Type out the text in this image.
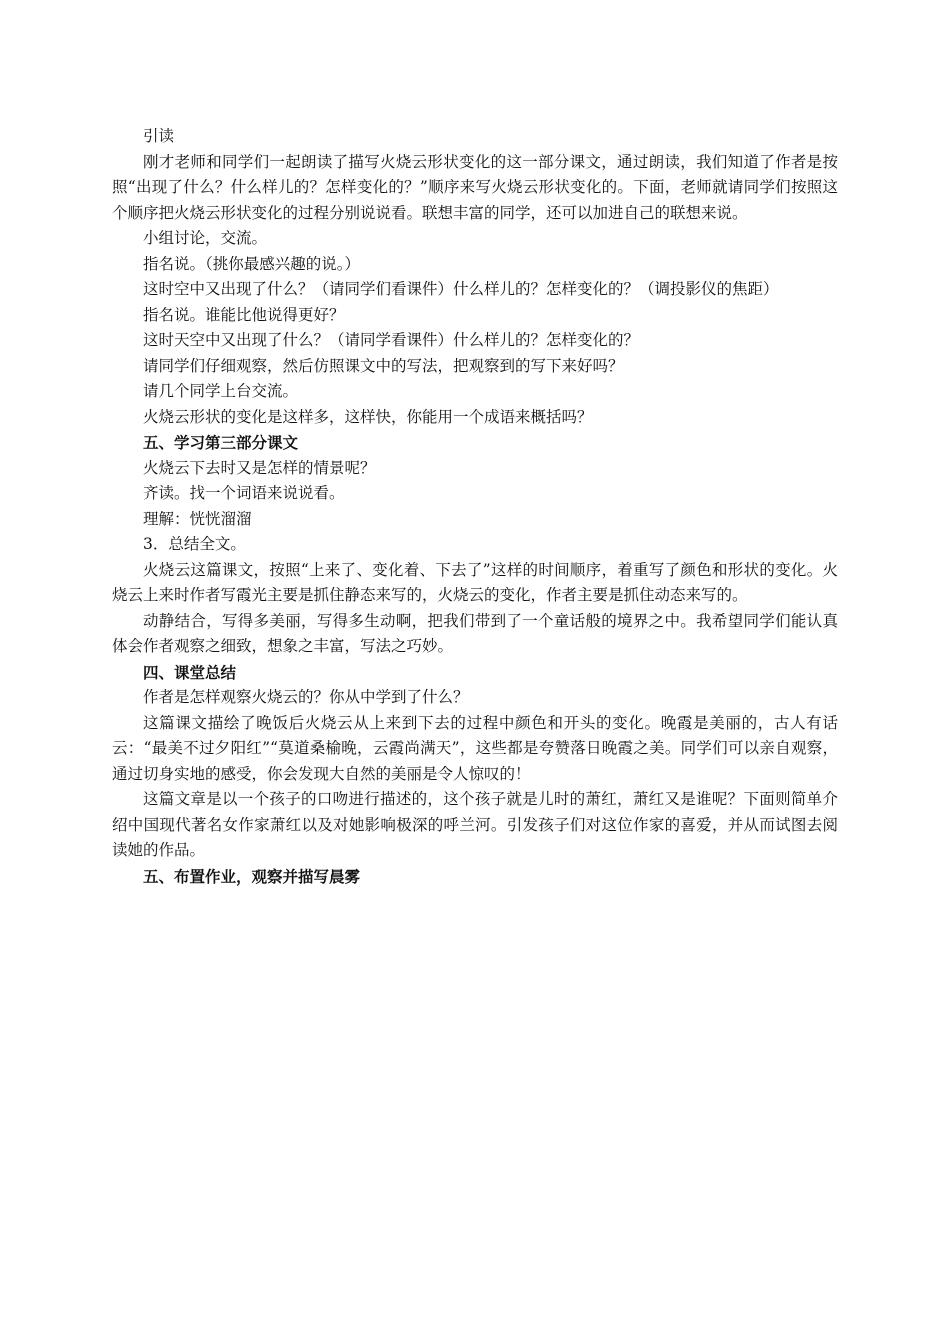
引读

刚才老师和同学们一起朗读了描写火烧云形状变化的这一部分课文，通过朗读，我们知道了作者是按照“出现了什么？什么样儿的？怎样变化的？”顺序来写火烧云形状变化的。下面，老师就请同学们按照这个顺序把火烧云形状变化的过程分别说说看。联想丰富的同学，还可以加进自己的联想来说。

小组讨论，交流。

指名说。（挑你最感兴趣的说。）

这时空中又出现了什么？（请同学们看课件）什么样儿的？怎样变化的？（调投影仪的焦距）

指名说。谁能比他说得更好？

这时天空中又出现了什么？（请同学看课件）什么样儿的？怎样变化的？

请同学们仔细观察，然后仿照课文中的写法，把观察到的写下来好吗？

请几个同学上台交流。

火烧云形状的变化是这样多，这样快，你能用一个成语来概括吗？

五、学习第三部分课文

火烧云下去时又是怎样的情景呢？

齐读。找一个词语来说说看。

理解：恍恍溜溜

3．总结全文。

火烧云这篇课文，按照“上来了、变化着、下去了”这样的时间顺序，着重写了颜色和形状的变化。火烧云上来时作者写霞光主要是抓住静态来写的，火烧云的变化，作者主要是抓住动态来写的。

动静结合，写得多美丽，写得多生动啊，把我们带到了一个童话般的境界之中。我希望同学们能认真体会作者观察之细致，想象之丰富，写法之巧妙。

四、课堂总结

作者是怎样观察火烧云的？你从中学到了什么？

这篇课文描绘了晚饭后火烧云从上来到下去的过程中颜色和开头的变化。晚霞是美丽的，古人有话云：“最美不过夕阳红”“莫道桑榆晚，云霞尚满天”，这些都是夸赞落日晚霞之美。同学们可以亲自观察，通过切身实地的感受，你会发现大自然的美丽是令人惊叹的！

这篇文章是以一个孩子的口吻进行描述的，这个孩子就是儿时的萧红，萧红又是谁呢？下面则简单介绍中国现代著名女作家萧红以及对她影响极深的呼兰河。引发孩子们对这位作家的喜爱，并从而试图去阅读她的作品。

五、布置作业，观察并描写晨雾
